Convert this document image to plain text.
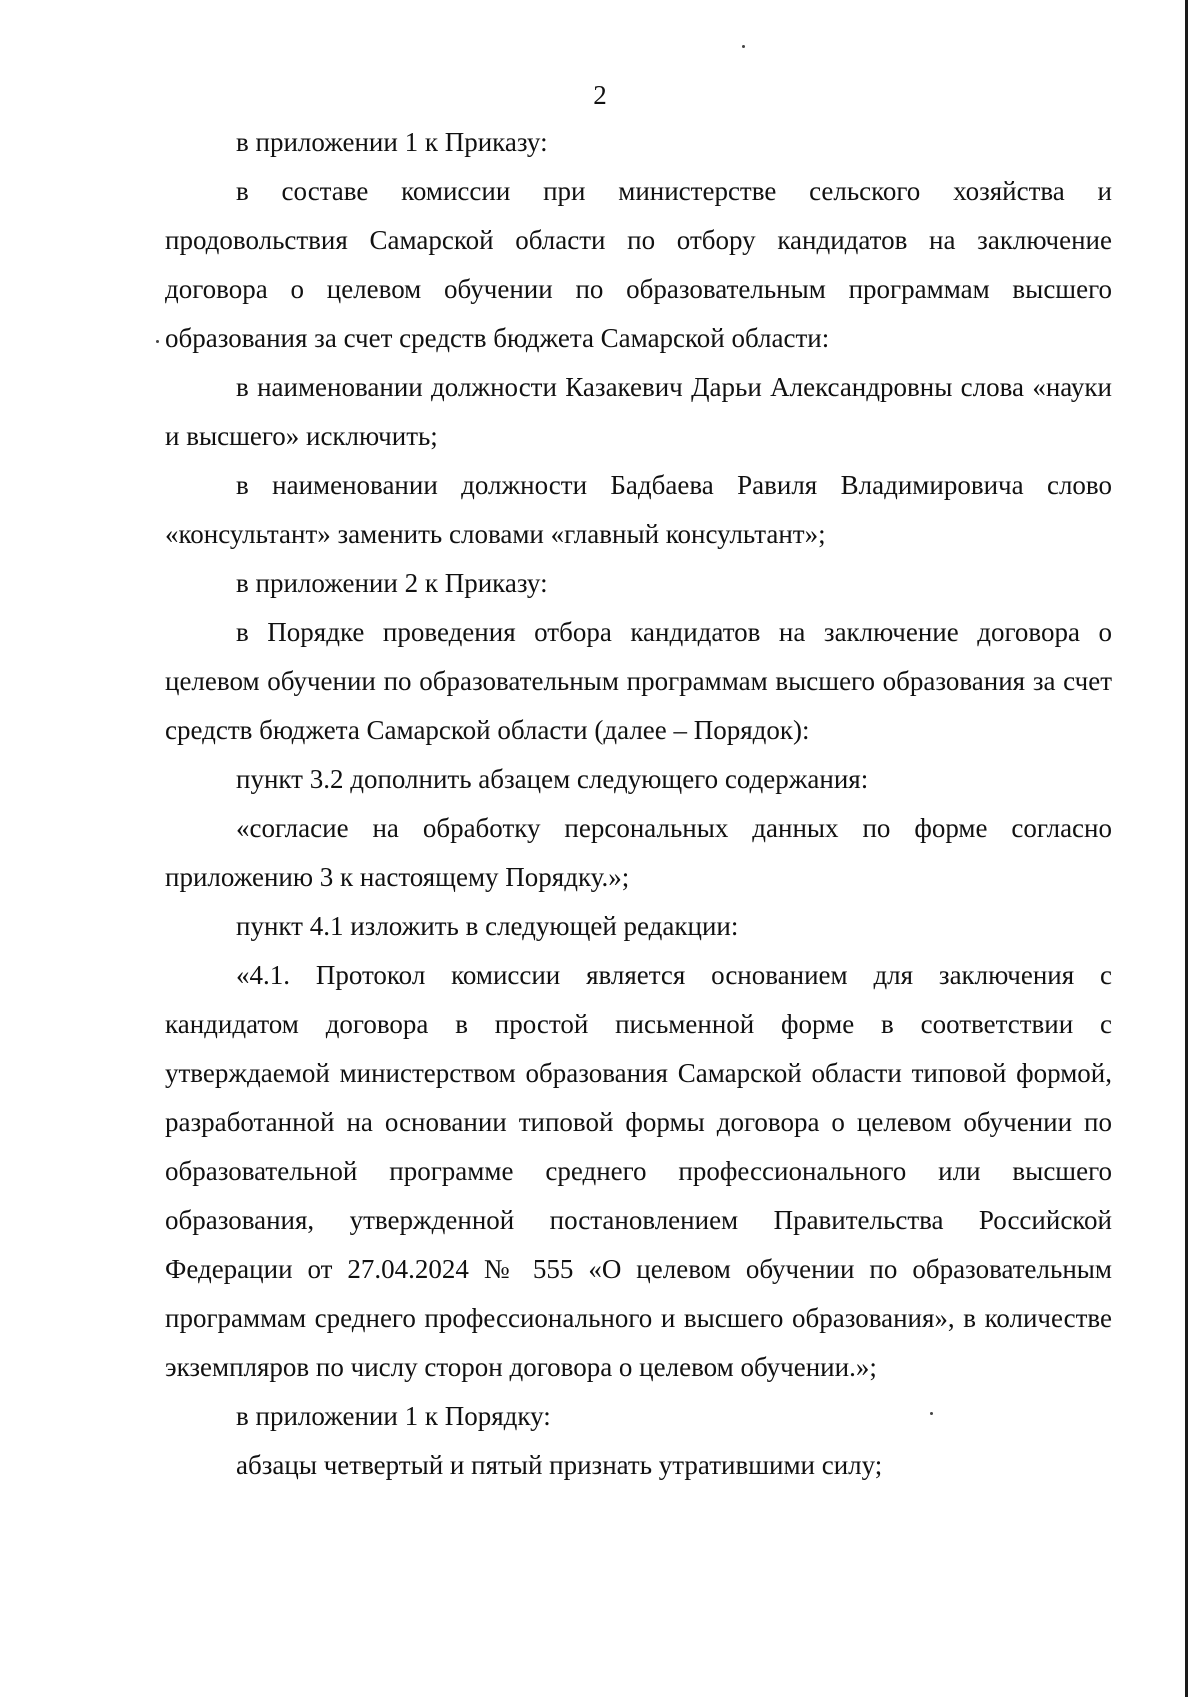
2

в приложении 1 к Приказу:

в составе комиссии при министерстве сельского хозяйства и продовольствия Самарской области по отбору кандидатов на заключение договора о целевом обучении по образовательным программам высшего образования за счет средств бюджета Самарской области:

в наименовании должности Казакевич Дарьи Александровны слова «науки и высшего» исключить;

в наименовании должности Бадбаева Равиля Владимировича слово «консультант» заменить словами «главный консультант»;

в приложении 2 к Приказу:

в Порядке проведения отбора кандидатов на заключение договора о целевом обучении по образовательным программам высшего образования за счет средств бюджета Самарской области (далее – Порядок):

пункт 3.2 дополнить абзацем следующего содержания:

«согласие на обработку персональных данных по форме согласно приложению 3 к настоящему Порядку.»;

пункт 4.1 изложить в следующей редакции:

«4.1. Протокол комиссии является основанием для заключения с кандидатом договора в простой письменной форме в соответствии с утверждаемой министерством образования Самарской области типовой формой, разработанной на основании типовой формы договора о целевом обучении по образовательной программе среднего профессионального или высшего образования, утвержденной постановлением Правительства Российской Федерации от 27.04.2024 № 555 «О целевом обучении по образовательным программам среднего профессионального и высшего образования», в количестве экземпляров по числу сторон договора о целевом обучении.»;

в приложении 1 к Порядку:

абзацы четвертый и пятый признать утратившими силу;
